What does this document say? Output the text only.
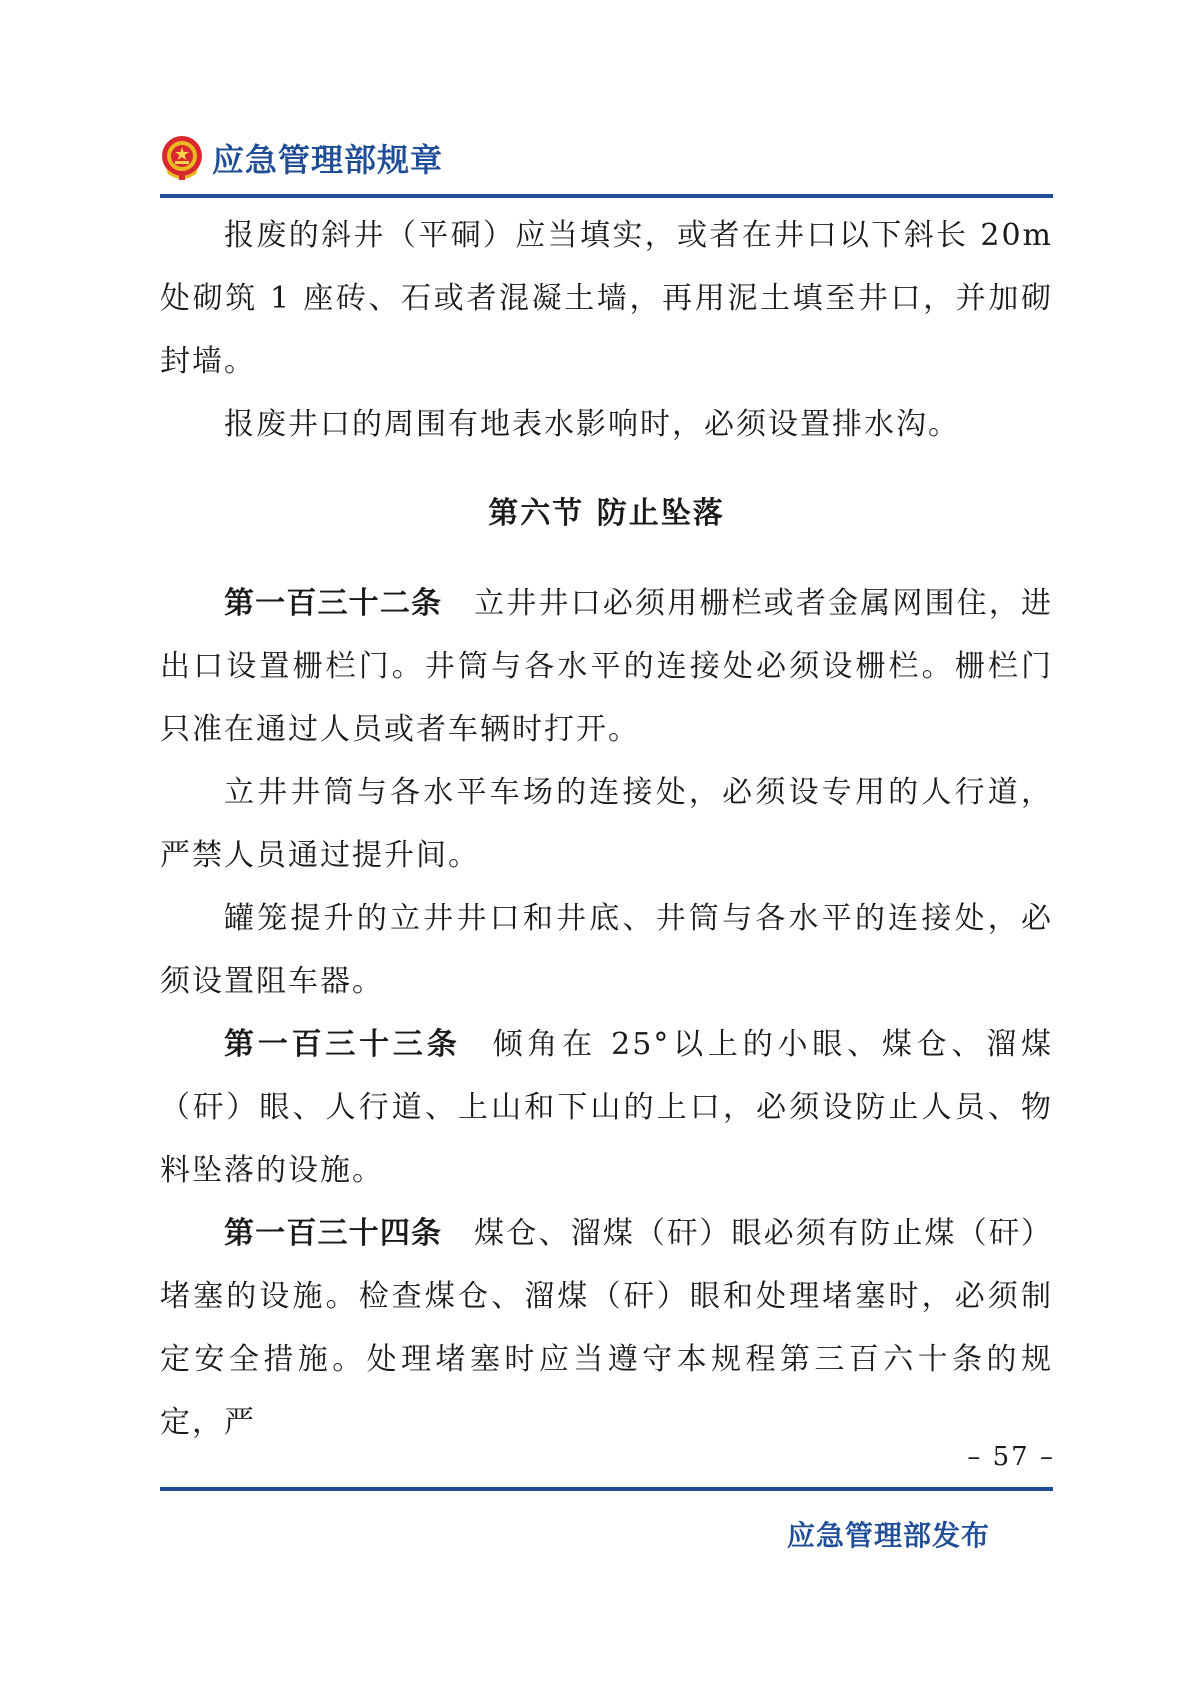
应急管理部规章

报废的斜井（平硐）应当填实，或者在井口以下斜长 20m 处砌筑 1 座砖、石或者混凝土墙，再用泥土填至井口，并加砌封墙。

报废井口的周围有地表水影响时，必须设置排水沟。

第六节 防止坠落

第一百三十二条 立井井口必须用栅栏或者金属网围住，进出口设置栅栏门。井筒与各水平的连接处必须设栅栏。栅栏门只准在通过人员或者车辆时打开。

立井井筒与各水平车场的连接处，必须设专用的人行道，严禁人员通过提升间。

罐笼提升的立井井口和井底、井筒与各水平的连接处，必须设置阻车器。

第一百三十三条 倾角在 25°以上的小眼、煤仓、溜煤（矸）眼、人行道、上山和下山的上口，必须设防止人员、物料坠落的设施。

第一百三十四条 煤仓、溜煤（矸）眼必须有防止煤（矸）堵塞的设施。检查煤仓、溜煤（矸）眼和处理堵塞时，必须制定安全措施。处理堵塞时应当遵守本规程第三百六十条的规定，严

– 57 –
应急管理部发布
